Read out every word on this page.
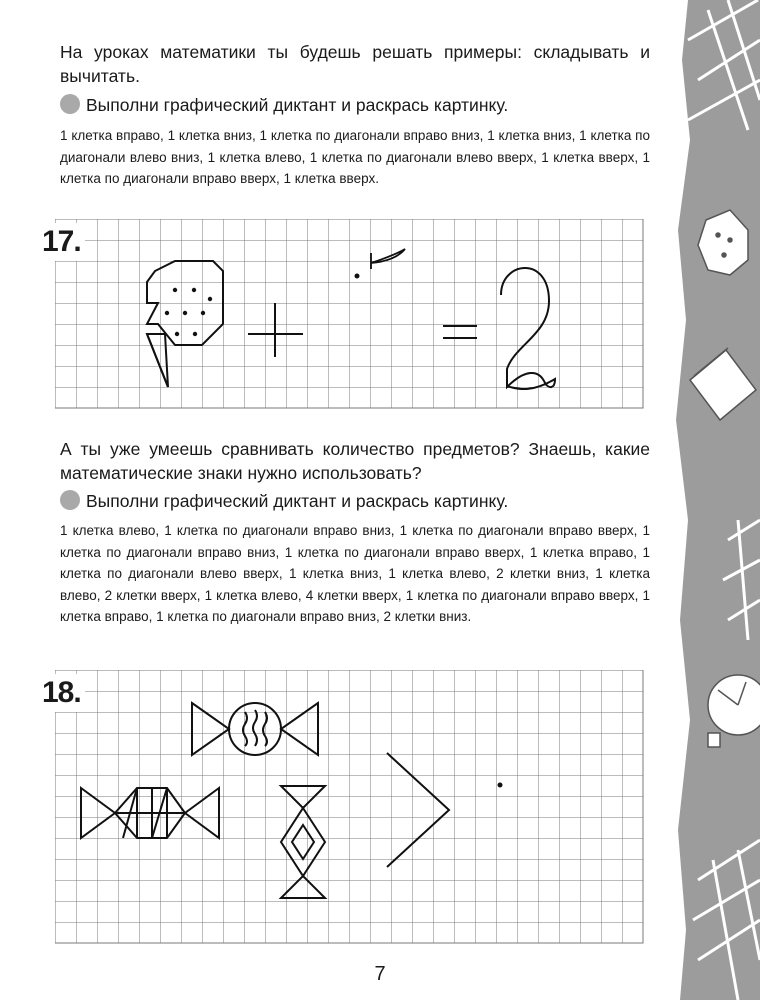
На уроках математики ты будешь решать примеры: складывать и вычитать.
Выполни графический диктант и раскрась картинку.
1 клетка вправо, 1 клетка вниз, 1 клетка по диагонали вправо вниз, 1 клетка вниз, 1 клетка по диагонали влево вниз, 1 клетка влево, 1 клетка по диагонали влево вверх, 1 клетка вверх, 1 клетка по диагонали вправо вверх, 1 клетка вверх.
17.
А ты уже умеешь сравнивать количество предметов? Знаешь, какие математические знаки нужно использовать?
Выполни графический диктант и раскрась картинку.
1 клетка влево, 1 клетка по диагонали вправо вниз, 1 клетка по диагонали вправо вверх, 1 клетка по диагонали вправо вниз, 1 клетка по диагонали вправо вверх, 1 клетка вправо, 1 клетка по диагонали влево вверх, 1 клетка вниз, 1 клетка влево, 2 клетки вниз, 1 клетка влево, 2 клетки вверх, 1 клетка влево, 4 клетки вверх, 1 клетка по диагонали вправо вверх, 1 клетка вправо, 1 клетка по диагонали вправо вниз, 2 клетки вниз.
18.
7
